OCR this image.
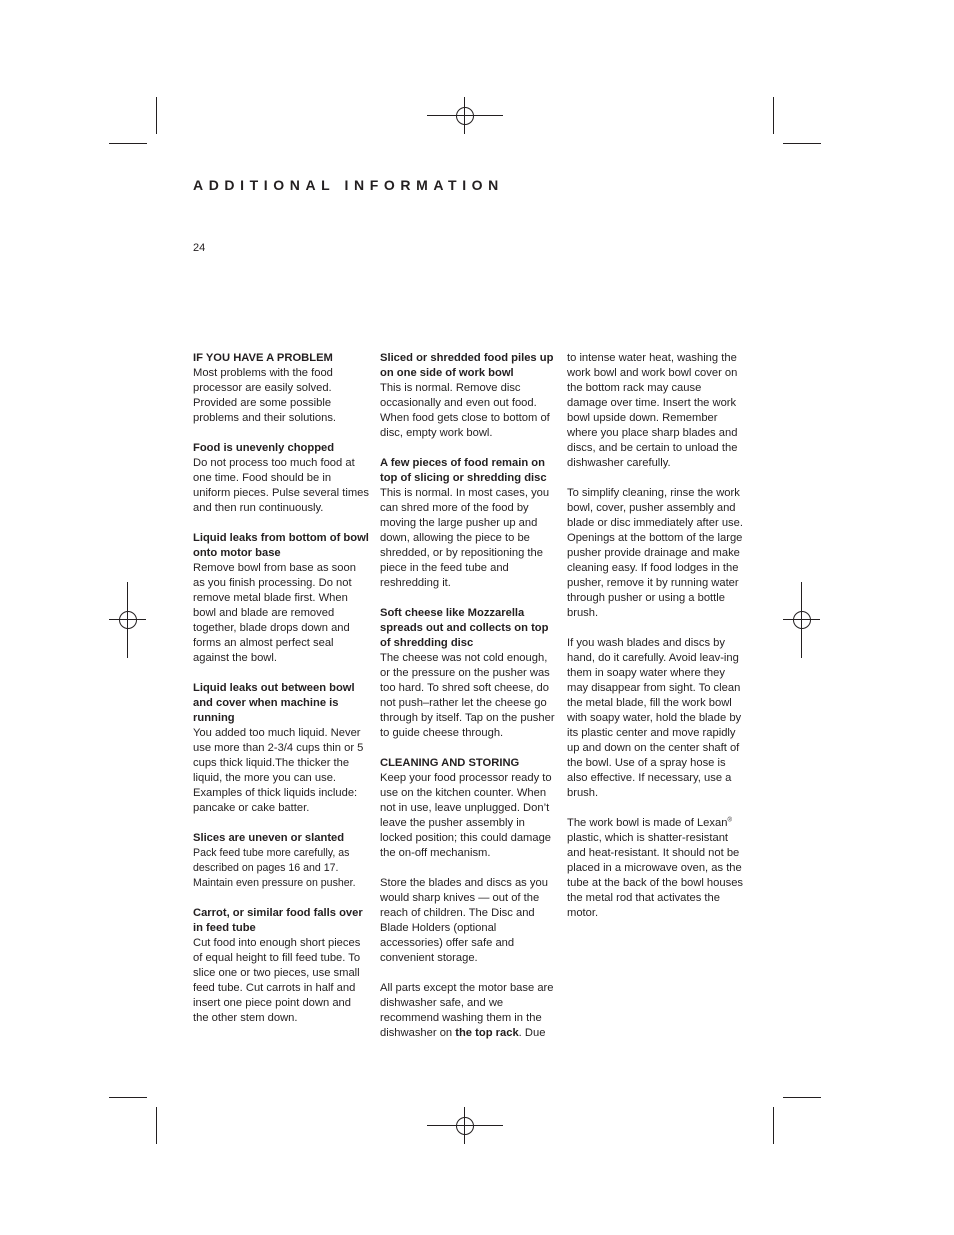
ADDITIONAL INFORMATION
24

IF YOU HAVE A PROBLEM
Most problems with the food processor are easily solved. Provided are some possible problems and their solutions.

Food is unevenly chopped
Do not process too much food at one time. Food should be in uniform pieces. Pulse several times and then run continuously.

Liquid leaks from bottom of bowl onto motor base
Remove bowl from base as soon as you finish processing. Do not remove metal blade first. When bowl and blade are removed together, blade drops down and forms an almost perfect seal against the bowl.

Liquid leaks out between bowl and cover when machine is running
You added too much liquid. Never use more than 2-3/4 cups thin or 5 cups thick liquid.The thicker the liquid, the more you can use. Examples of thick liquids include: pancake or cake batter.

Slices are uneven or slanted
Pack feed tube more carefully, as described on pages 16 and 17. Maintain even pressure on pusher.

Carrot, or similar food falls over in feed tube
Cut food into enough short pieces of equal height to fill feed tube. To slice one or two pieces, use small feed tube. Cut carrots in half and insert one piece point down and the other stem down.

Sliced or shredded food piles up on one side of work bowl
This is normal. Remove disc occasionally and even out food. When food gets close to bottom of disc, empty work bowl.

A few pieces of food remain on top of slicing or shredding disc
This is normal. In most cases, you can shred more of the food by moving the large pusher up and down, allowing the piece to be shredded, or by repositioning the piece in the feed tube and reshredding it.

Soft cheese like Mozzarella spreads out and collects on top of shredding disc
The cheese was not cold enough, or the pressure on the pusher was too hard. To shred soft cheese, do not push–rather let the cheese go through by itself. Tap on the pusher to guide cheese through.

CLEANING AND STORING
Keep your food processor ready to use on the kitchen counter. When not in use, leave unplugged. Don’t leave the pusher assembly in locked position; this could damage the on-off mechanism.

Store the blades and discs as you would sharp knives — out of the reach of children. The Disc and Blade Holders (optional accessories) offer safe and convenient storage.

All parts except the motor base are dishwasher safe, and we recommend washing them in the dishwasher on the top rack. Due

to intense water heat, washing the work bowl and work bowl cover on the bottom rack may cause damage over time. Insert the work bowl upside down. Remember where you place sharp blades and discs, and be certain to unload the dishwasher carefully.

To simplify cleaning, rinse the work bowl, cover, pusher assembly and blade or disc immediately after use. Openings at the bottom of the large pusher provide drainage and make cleaning easy. If food lodges in the pusher, remove it by running water through pusher or using a bottle brush.

If you wash blades and discs by hand, do it carefully. Avoid leav-ing them in soapy water where they may disappear from sight. To clean the metal blade, fill the work bowl with soapy water, hold the blade by its plastic center and move rapidly up and down on the center shaft of the bowl. Use of a spray hose is also effective. If necessary, use a brush.

The work bowl is made of Lexan® plastic, which is shatter-resistant and heat-resistant. It should not be placed in a microwave oven, as the tube at the back of the bowl houses the metal rod that activates the motor.
